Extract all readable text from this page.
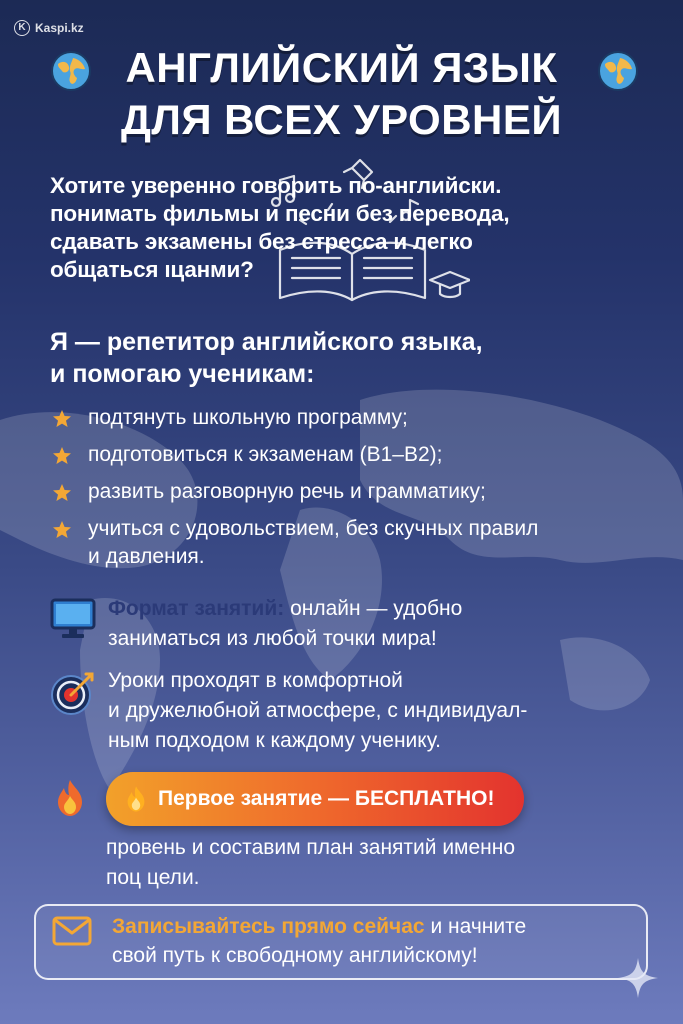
K Kaspi.kz
АНГЛИЙСКИЙ ЯЗЫК
ДЛЯ ВСЕХ УРОВНЕЙ
Хотите уверенно говорить по-английски.
понимать фильмы и песни без перевода,
сдавать экзамены без стресса и легко
общаться ıцанми?
Я — репетитор английского языка,
и помогаю ученикам:
подтянуть школьную программу;
подготовиться к экзаменам (B1–B2);
развить разговорную речь и грамматику;
учиться с удовольствием, без скучных правил
и давления.
Формат занятий: онлайн — удобно
заниматься из любой точки мира!
Уроки проходят в комфортной
и дружелюбной атмосфере, с индивидуал-
ным подходом к каждому ученику.
Первое занятие — БЕСПЛАТНО!
провень и составим план занятий именно
поц цели.
Записывайтесь прямо сейчас и начните
свой путь к свободному английскому!
